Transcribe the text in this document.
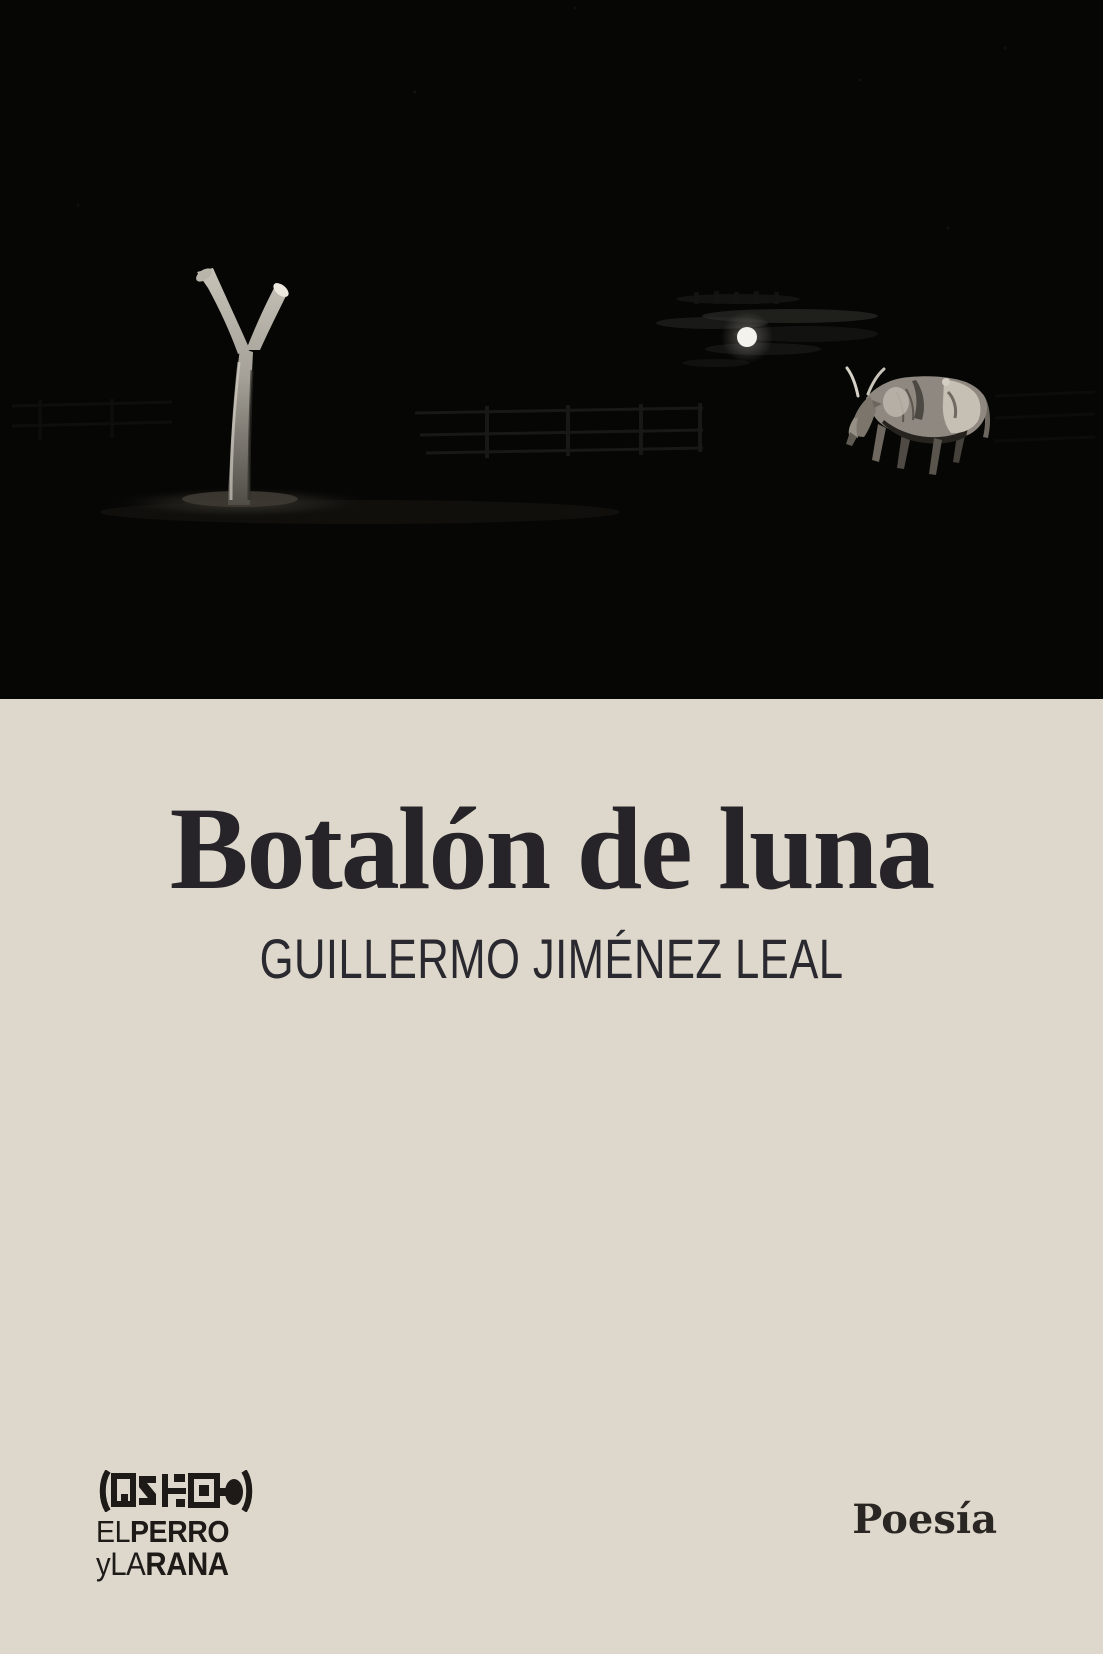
Botalón de luna
GUILLERMO JIMÉNEZ LEAL
ELPERRO
yLARANA
Poesía
